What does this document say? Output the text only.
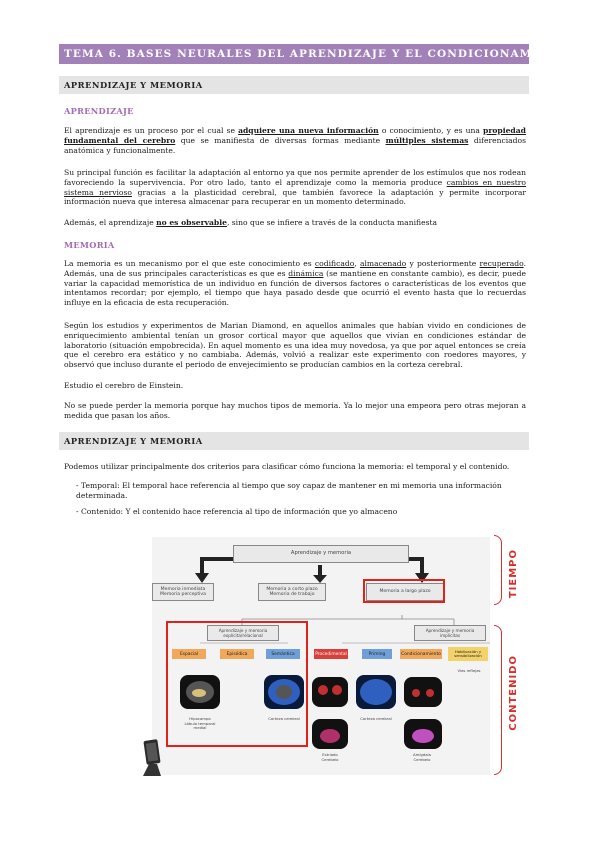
TEMA 6. BASES NEURALES DEL APRENDIZAJE Y EL CONDICIONAMIENTO
APRENDIZAJE Y MEMORIA
APRENDIZAJE
El aprendizaje es un proceso por el cual se adquiere una nueva información o conocimiento, y es una propiedad fundamental del cerebro que se manifiesta de diversas formas mediante múltiples sistemas diferenciados anatómica y funcionalmente.
Su principal función es facilitar la adaptación al entorno ya que nos permite aprender de los estímulos que nos rodean favoreciendo la supervivencia. Por otro lado, tanto el aprendizaje como la memoria produce cambios en nuestro sistema nervioso gracias a la plasticidad cerebral, que también favorece la adaptación y permite incorporar información nueva que interesa almacenar para recuperar en un momento determinado.
Además, el aprendizaje no es observable, sino que se infiere a través de la conducta manifiesta
MEMORIA
La memoria es un mecanismo por el que este conocimiento es codificado, almacenado y posteriormente recuperado. Además, una de sus principales características es que es dinámica (se mantiene en constante cambio), es decir, puede variar la capacidad memorística de un individuo en función de diversos factores o características de los eventos que intentamos recordar; por ejemplo, el tiempo que haya pasado desde que ocurrió el evento hasta que lo recuerdas influye en la eficacia de esta recuperación.
Según los estudios y experimentos de Marian Diamond, en aquellos animales que habían vivido en condiciones de enriquecimiento ambiental tenían un grosor cortical mayor que aquellos que vivían en condiciones estándar de laboratorio (situación empobrecida). En aquel momento es una idea muy novedosa, ya que por aquel entonces se creía que el cerebro era estático y no cambiaba. Además, volvió a realizar este experimento con roedores mayores, y observó que incluso durante el periodo de envejecimiento se producían cambios en la corteza cerebral.
Estudio el cerebro de Einstein.
No se puede perder la memoria porque hay muchos tipos de memoria. Ya lo mejor una empeora pero otras mejoran a medida que pasan los años.
APRENDIZAJE Y MEMORIA
Podemos utilizar principalmente dos criterios para clasificar cómo funciona la memoria: el temporal y el contenido.
- Temporal: El temporal hace referencia al tiempo que soy capaz de mantener en mi memoria una información determinada.
- Contenido: Y el contenido hace referencia al tipo de información que yo almaceno
Aprendizaje y memoria
Memoria inmediata
Memoria perceptiva
Memoria a corto plazo
Memoria de trabajo
Memoria a largo plazo
Aprendizaje y memoria
explícita/relacional
Aprendizaje y memoria
implícitas
Espacial	Episódica	Semántica	Procedimental	Priming	Condicionamiento
Habituación y
sensibilización
Vías reflejas
Hipocampo
Lóbulo temporal
medial
Corteza cerebral	Corteza cerebral
Estriado
Cerebelo
Amígdala
Cerebelo
TIEMPO
CONTENIDO
